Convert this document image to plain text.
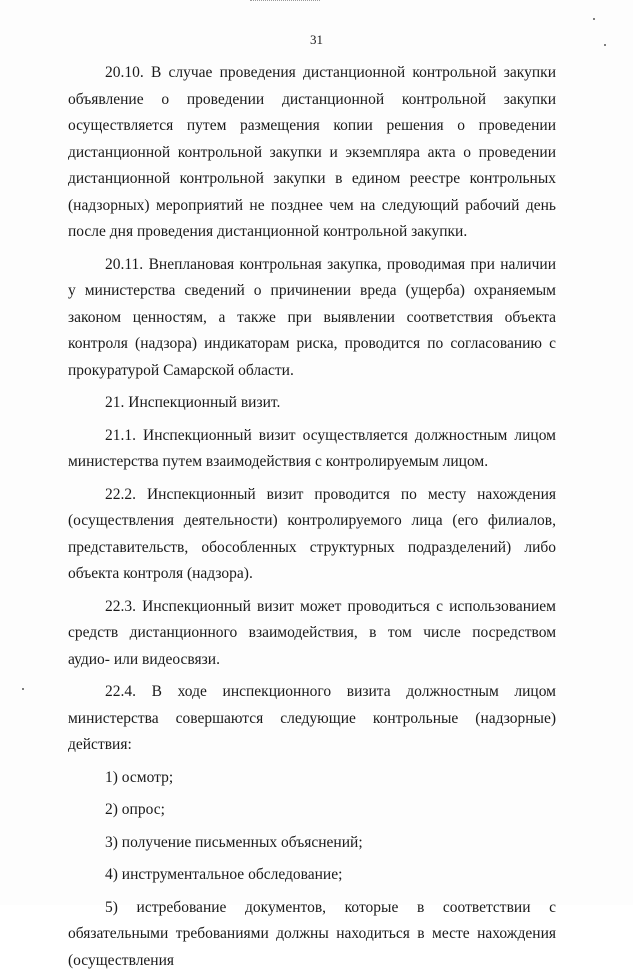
31

20.10. В случае проведения дистанционной контрольной закупки объявление о проведении дистанционной контрольной закупки осуществляется путем размещения копии решения о проведении дистанционной контрольной закупки и экземпляра акта о проведении дистанционной контрольной закупки в едином реестре контрольных (надзорных) мероприятий не позднее чем на следующий рабочий день после дня проведения дистанционной контрольной закупки.

20.11. Внеплановая контрольная закупка, проводимая при наличии у министерства сведений о причинении вреда (ущерба) охраняемым законом ценностям, а также при выявлении соответствия объекта контроля (надзора) индикаторам риска, проводится по согласованию с прокуратурой Самарской области.

21. Инспекционный визит.

21.1. Инспекционный визит осуществляется должностным лицом министерства путем взаимодействия с контролируемым лицом.

22.2. Инспекционный визит проводится по месту нахождения (осуществления деятельности) контролируемого лица (его филиалов, представительств, обособленных структурных подразделений) либо объекта контроля (надзора).

22.3. Инспекционный визит может проводиться с использованием средств дистанционного взаимодействия, в том числе посредством аудио- или видеосвязи.

22.4. В ходе инспекционного визита должностным лицом министерства совершаются следующие контрольные (надзорные) действия:

1) осмотр;

2) опрос;

3) получение письменных объяснений;

4) инструментальное обследование;

5) истребование документов, которые в соответствии с обязательными требованиями должны находиться в месте нахождения (осуществления
